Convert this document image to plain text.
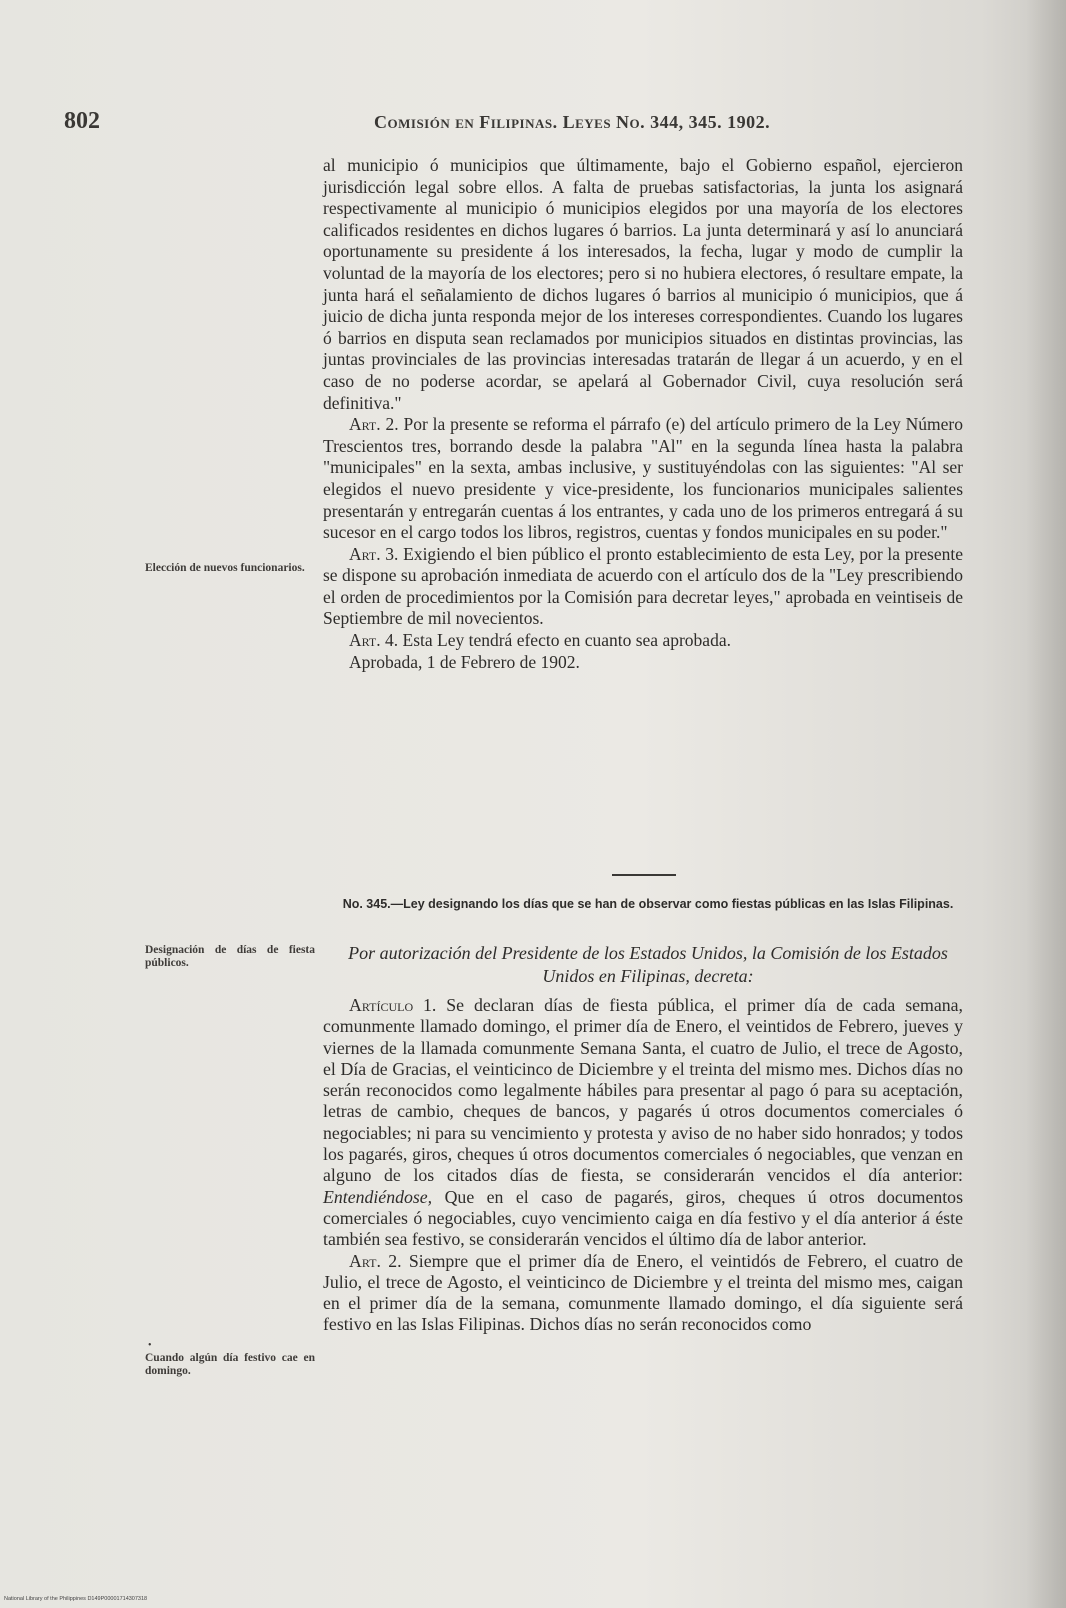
802	Comisión en Filipinas. Leyes No. 344, 345. 1902.

al municipio ó municipios que últimamente, bajo el Gobierno español, ejercieron jurisdicción legal sobre ellos. A falta de pruebas satisfactorias, la junta los asignará respectivamente al municipio ó municipios elegidos por una mayoría de los electores calificados residentes en dichos lugares ó barrios. La junta determinará y así lo anunciará oportunamente su presidente á los interesados, la fecha, lugar y modo de cumplir la voluntad de la mayoría de los electores; pero si no hubiera electores, ó resultare empate, la junta hará el señalamiento de dichos lugares ó barrios al municipio ó municipios, que á juicio de dicha junta responda mejor de los intereses correspondientes. Cuando los lugares ó barrios en disputa sean reclamados por municipios situados en distintas provincias, las juntas provinciales de las provincias interesadas tratarán de llegar á un acuerdo, y en el caso de no poderse acordar, se apelará al Gobernador Civil, cuya resolución será definitiva."

Art. 2. Por la presente se reforma el párrafo (e) del artículo primero de la Ley Número Trescientos tres, borrando desde la palabra "Al" en la segunda línea hasta la palabra "municipales" en la sexta, ambas inclusive, y sustituyéndolas con las siguientes: "Al ser elegidos el nuevo presidente y vice-presidente, los funcionarios municipales salientes presentarán y entregarán cuentas á los entrantes, y cada uno de los primeros entregará á su sucesor en el cargo todos los libros, registros, cuentas y fondos municipales en su poder."

Art. 3. Exigiendo el bien público el pronto establecimiento de esta Ley, por la presente se dispone su aprobación inmediata de acuerdo con el artículo dos de la "Ley prescribiendo el orden de procedimientos por la Comisión para decretar leyes," aprobada en veintiseis de Septiembre de mil novecientos.

Art. 4. Esta Ley tendrá efecto en cuanto sea aprobada.

Aprobada, 1 de Febrero de 1902.

Elección de nuevos funcionarios.
No. 345.—Ley designando los días que se han de observar como fiestas públicas en las Islas Filipinas.
Designación de días de fiesta públicos.	Por autorización del Presidente de los Estados Unidos, la Comisión de los Estados Unidos en Filipinas, decreta:

Artículo 1. Se declaran días de fiesta pública, el primer día de cada semana, comunmente llamado domingo, el primer día de Enero, el veintidos de Febrero, jueves y viernes de la llamada comunmente Semana Santa, el cuatro de Julio, el trece de Agosto, el Día de Gracias, el veinticinco de Diciembre y el treinta del mismo mes. Dichos días no serán reconocidos como legalmente hábiles para presentar al pago ó para su aceptación, letras de cambio, cheques de bancos, y pagarés ú otros documentos comerciales ó negociables; ni para su vencimiento y protesta y aviso de no haber sido honrados; y todos los pagarés, giros, cheques ú otros documentos comerciales ó negociables, que venzan en alguno de los citados días de fiesta, se considerarán vencidos el día anterior: Entendiéndose, Que en el caso de pagarés, giros, cheques ú otros documentos comerciales ó negociables, cuyo vencimiento caiga en día festivo y el día anterior á éste también sea festivo, se considerarán vencidos el último día de labor anterior.

Art. 2. Siempre que el primer día de Enero, el veintidós de Febrero, el cuatro de Julio, el trece de Agosto, el veinticinco de Diciembre y el treinta del mismo mes, caigan en el primer día de la semana, comunmente llamado domingo, el día siguiente será festivo en las Islas Filipinas. Dichos días no serán reconocidos como

•
Cuando algún día festivo cae en domingo.
National Library of the Philippines D149P00001714307318
